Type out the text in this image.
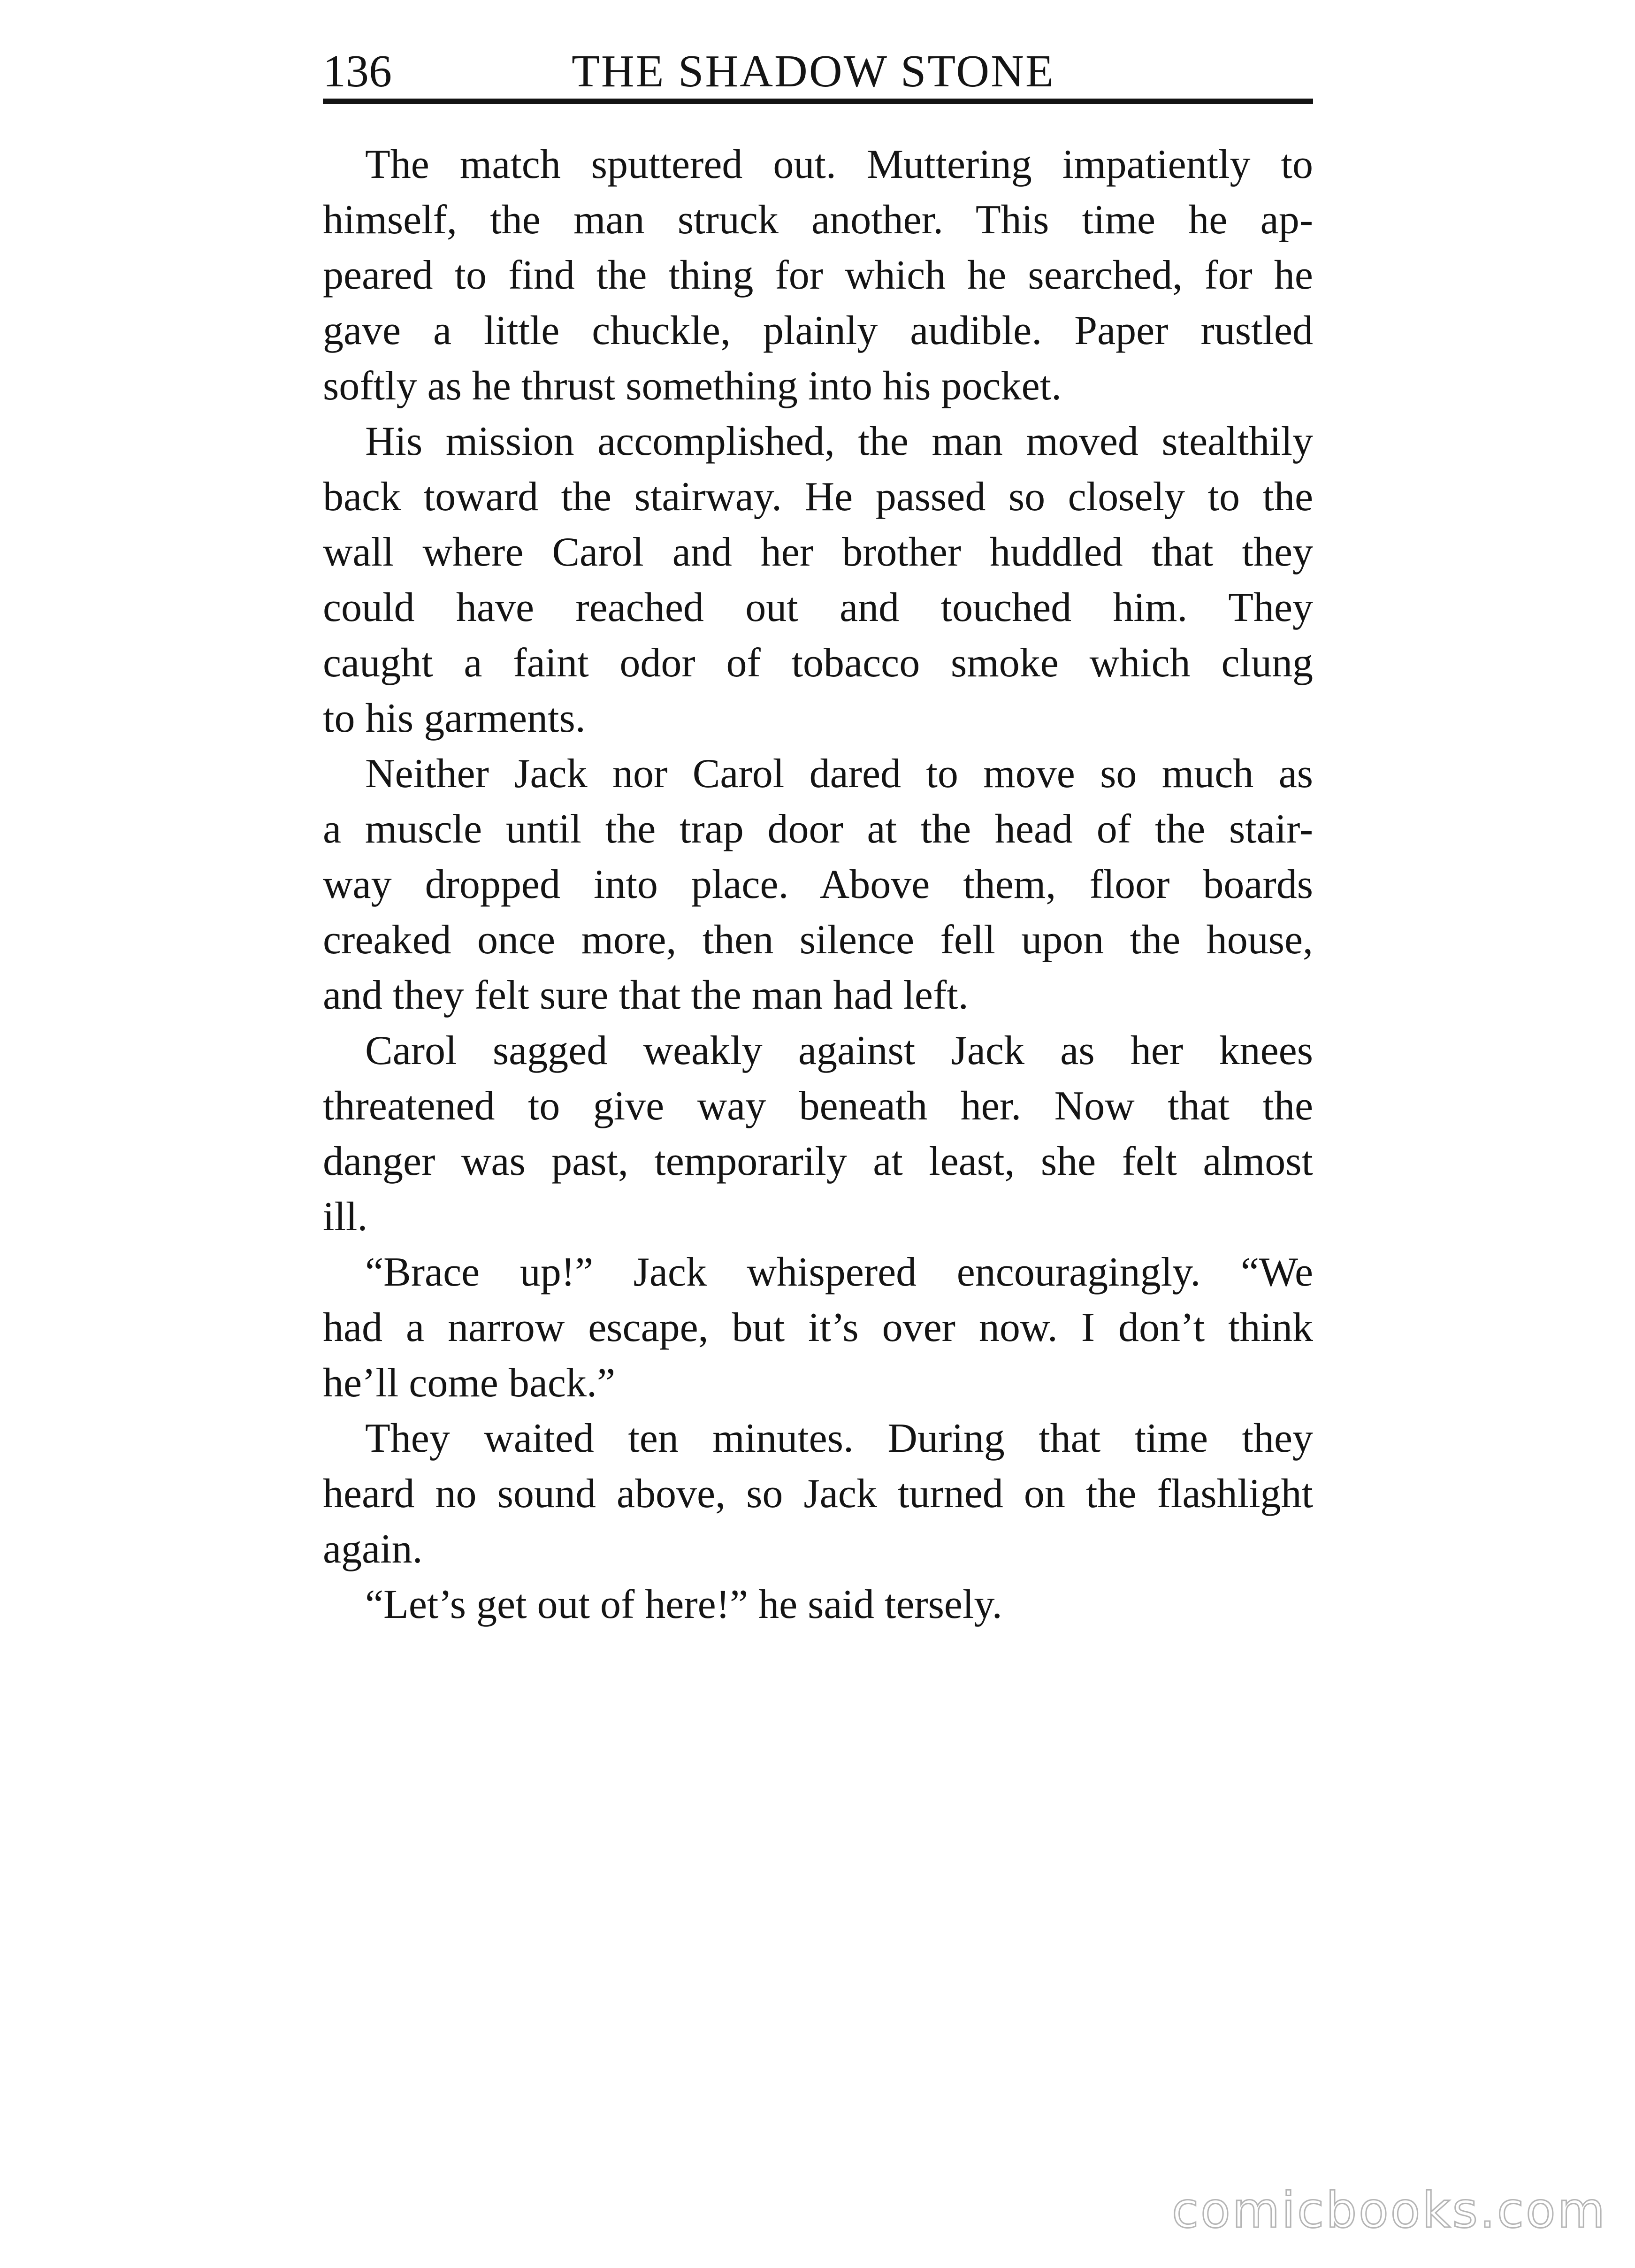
136	THE SHADOW STONE
The match sputtered out. Muttering impatiently to
himself, the man struck another. This time he ap-
peared to find the thing for which he searched, for he
gave a little chuckle, plainly audible. Paper rustled
softly as he thrust something into his pocket.
His mission accomplished, the man moved stealthily
back toward the stairway. He passed so closely to the
wall where Carol and her brother huddled that they
could have reached out and touched him. They
caught a faint odor of tobacco smoke which clung
to his garments.
Neither Jack nor Carol dared to move so much as
a muscle until the trap door at the head of the stair-
way dropped into place. Above them, floor boards
creaked once more, then silence fell upon the house,
and they felt sure that the man had left.
Carol sagged weakly against Jack as her knees
threatened to give way beneath her. Now that the
danger was past, temporarily at least, she felt almost
ill.
“Brace up!” Jack whispered encouragingly. “We
had a narrow escape, but it’s over now. I don’t think
he’ll come back.”
They waited ten minutes. During that time they
heard no sound above, so Jack turned on the flashlight
again.
“Let’s get out of here!” he said tersely.
comicbooks.com
